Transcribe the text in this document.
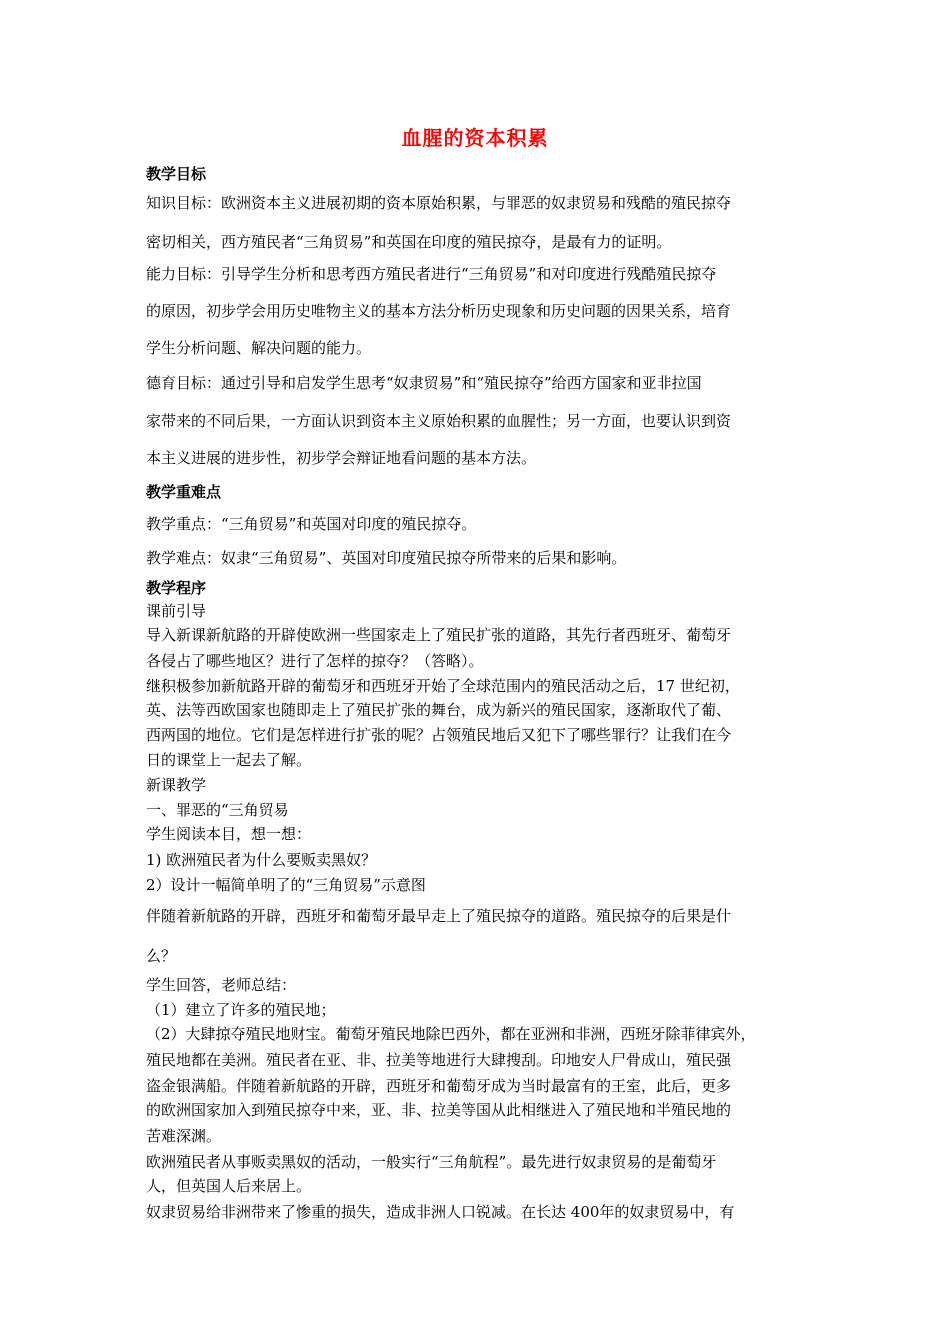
血腥的资本积累
教学目标
知识目标：欧洲资本主义进展初期的资本原始积累，与罪恶的奴隶贸易和残酷的殖民掠夺
密切相关，西方殖民者“三角贸易”和英国在印度的殖民掠夺，是最有力的证明。
能力目标：引导学生分析和思考西方殖民者进行“三角贸易”和对印度进行残酷殖民掠夺
的原因，初步学会用历史唯物主义的基本方法分析历史现象和历史问题的因果关系，培育
学生分析问题、解决问题的能力。
德育目标：通过引导和启发学生思考“奴隶贸易”和“殖民掠夺”给西方国家和亚非拉国
家带来的不同后果，一方面认识到资本主义原始积累的血腥性；另一方面，也要认识到资
本主义进展的进步性，初步学会辩证地看问题的基本方法。
教学重难点
教学重点：“三角贸易”和英国对印度的殖民掠夺。
教学难点：奴隶“三角贸易”、英国对印度殖民掠夺所带来的后果和影响。
教学程序
课前引导
导入新课新航路的开辟使欧洲一些国家走上了殖民扩张的道路，其先行者西班牙、葡萄牙
各侵占了哪些地区？进行了怎样的掠夺？（答略）。
继积极参加新航路开辟的葡萄牙和西班牙开始了全球范围内的殖民活动之后，17 世纪初，
英、法等西欧国家也随即走上了殖民扩张的舞台，成为新兴的殖民国家，逐渐取代了葡、
西两国的地位。它们是怎样进行扩张的呢？占领殖民地后又犯下了哪些罪行？让我们在今
日的课堂上一起去了解。
新课教学
一、罪恶的“三角贸易
学生阅读本目，想一想：
1) 欧洲殖民者为什么要贩卖黑奴？
2）设计一幅简单明了的“三角贸易”示意图
伴随着新航路的开辟，西班牙和葡萄牙最早走上了殖民掠夺的道路。殖民掠夺的后果是什
么？
学生回答，老师总结：
（1）建立了许多的殖民地；
（2）大肆掠夺殖民地财宝。葡萄牙殖民地除巴西外，都在亚洲和非洲，西班牙除菲律宾外，
殖民地都在美洲。殖民者在亚、非、拉美等地进行大肆搜刮。印地安人尸骨成山，殖民强
盗金银满船。伴随着新航路的开辟，西班牙和葡萄牙成为当时最富有的王室，此后，更多
的欧洲国家加入到殖民掠夺中来，亚、非、拉美等国从此相继进入了殖民地和半殖民地的
苦难深渊。
欧洲殖民者从事贩卖黑奴的活动，一般实行“三角航程”。最先进行奴隶贸易的是葡萄牙
人，但英国人后来居上。
奴隶贸易给非洲带来了惨重的损失，造成非洲人口锐减。在长达 400年的奴隶贸易中，有
